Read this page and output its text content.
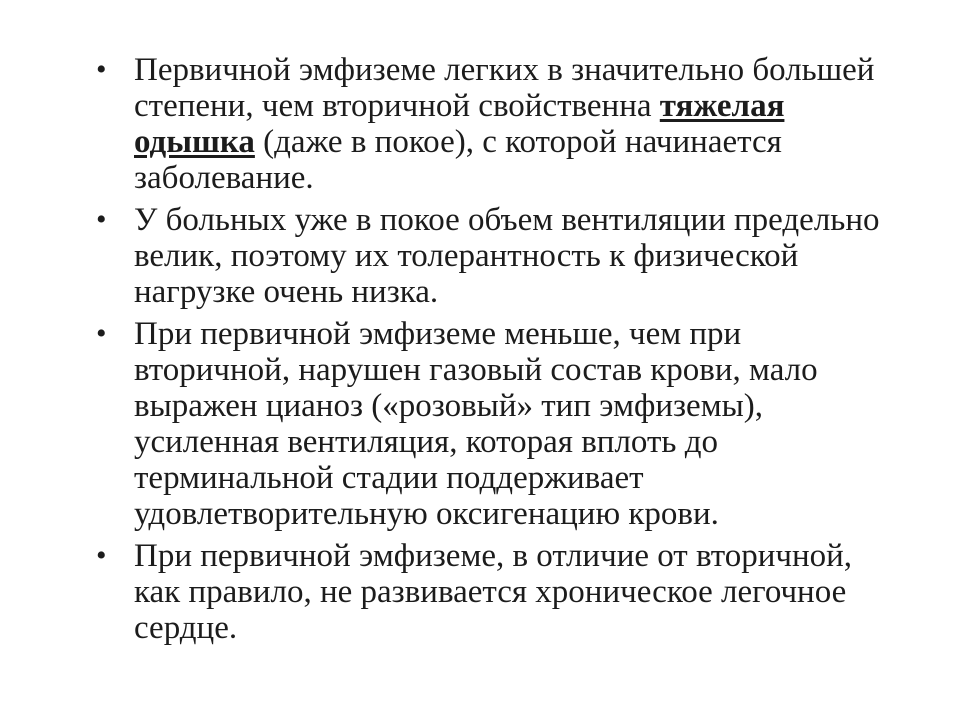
• Первичной эмфиземе легких в значительно большей степени, чем вторичной свойственна тяжелая одышка (даже в покое), с которой начинается заболевание.
• У больных уже в покое объем вентиляции предельно велик, поэтому их толерантность к физической нагрузке очень низка.
• При первичной эмфиземе меньше, чем при вторичной, нарушен газовый состав крови, мало выражен цианоз («розовый» тип эмфиземы), усиленная вентиляция, которая вплоть до терминальной стадии поддерживает удовлетворительную оксигенацию крови.
• При первичной эмфиземе, в отличие от вторичной, как правило, не развивается хроническое легочное сердце.
